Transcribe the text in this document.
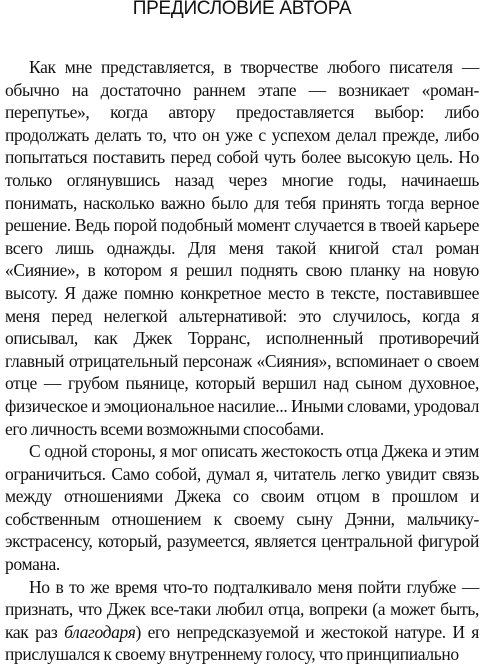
ПРЕДИСЛОВИЕ АВТОРА

Как мне представляется, в творчестве любого писателя — обычно на достаточно раннем этапе — возникает «роман-перепутье», когда автору предоставляется выбор: либо продолжать делать то, что он уже с успехом делал прежде, либо попытаться поставить перед собой чуть более высокую цель. Но только оглянувшись назад через многие годы, начинаешь понимать, насколько важно было для тебя принять тогда верное решение. Ведь порой подобный момент случается в твоей карьере всего лишь однажды. Для меня такой книгой стал роман «Сияние», в котором я решил поднять свою планку на новую высоту. Я даже помню конкретное место в тексте, поставившее меня перед нелегкой альтернативой: это случилось, когда я описывал, как Джек Торранс, исполненный противоречий главный отрицательный персонаж «Сияния», вспоминает о своем отце — грубом пьянице, который вершил над сыном духовное, физическое и эмоциональное насилие... Иными словами, уродовал его личность всеми возможными способами.

С одной стороны, я мог описать жестокость отца Джека и этим ограничиться. Само собой, думал я, читатель легко увидит связь между отношениями Джека со своим отцом в прошлом и собственным отношением к своему сыну Дэнни, мальчику-экстрасенсу, который, разумеется, является центральной фигурой романа.

Но в то же время что-то подталкивало меня пойти глубже — признать, что Джек все-таки любил отца, вопреки (а может быть, как раз благодаря) его непредсказуемой и жестокой натуре. И я прислушался к своему внутреннему голосу, что принципиально
